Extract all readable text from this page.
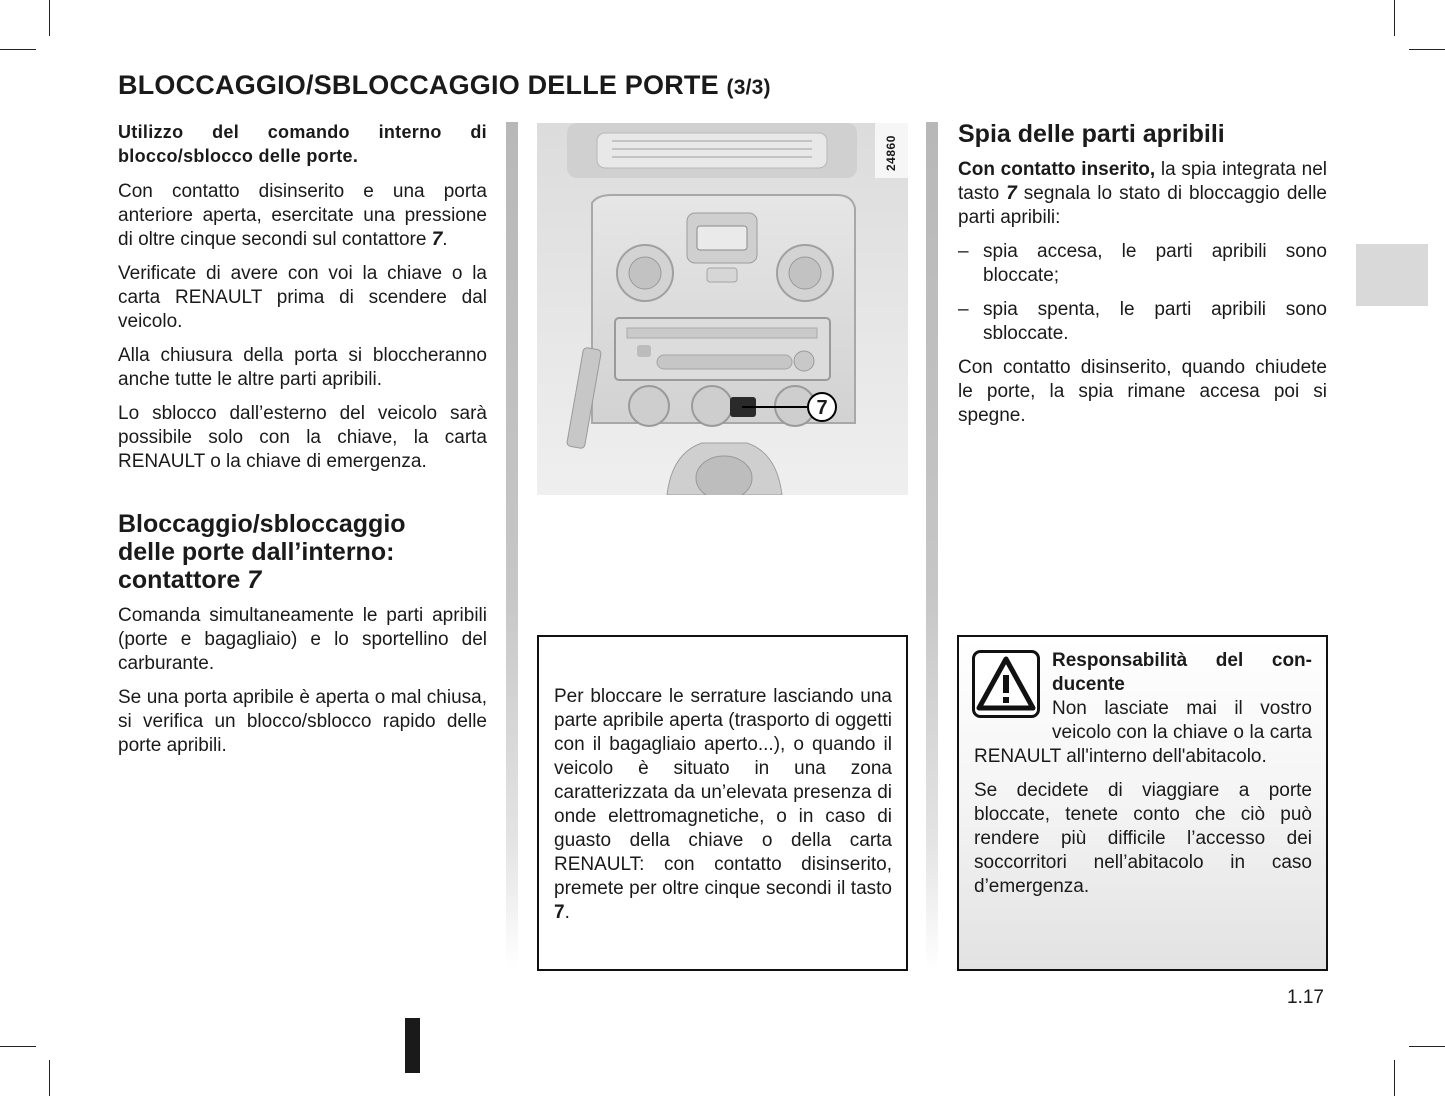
BLOCCAGGIO/SBLOCCAGGIO DELLE PORTE (3/3)

Utilizzo del comando interno di blocco/sblocco delle porte.

Con contatto disinserito e una porta anteriore aperta, esercitate una pressione di oltre cinque secondi sul contattore 7.

Verificate di avere con voi la chiave o la carta RENAULT prima di scendere dal veicolo.

Alla chiusura della porta si bloccheranno anche tutte le altre parti apribili.

Lo sblocco dall’esterno del veicolo sarà possibile solo con la chiave, la carta RENAULT o la chiave di emergenza.

Bloccaggio/sbloccaggio
delle porte dall’interno:
contattore 7

Comanda simultaneamente le parti apribili (porte e bagagliaio) e lo sportellino del carburante.

Se una porta apribile è aperta o mal chiusa, si verifica un blocco/sblocco rapido delle porte apribili.

24860
7

Per bloccare le serrature lasciando una parte apribile aperta (trasporto di oggetti con il bagagliaio aperto...), o quando il veicolo è situato in una zona caratterizzata da un’elevata presenza di onde elettromagnetiche, o in caso di guasto della chiave o della carta RENAULT: con contatto disinserito, premete per oltre cinque secondi il tasto 7.

Spia delle parti apribili

Con contatto inserito, la spia integrata nel tasto 7 segnala lo stato di bloccaggio delle parti apribili:

– spia accesa, le parti apribili sono bloccate;
– spia spenta, le parti apribili sono sbloccate.

Con contatto disinserito, quando chiudete le porte, la spia rimane accesa poi si spegne.

Responsabilità del conducente

Non lasciate mai il vostro veicolo con la chiave o la carta RENAULT all'interno dell'abitacolo.

Se decidete di viaggiare a porte bloccate, tenete conto che ciò può rendere più difficile l’accesso dei soccorritori nell’abitacolo in caso d’emergenza.

1.17
